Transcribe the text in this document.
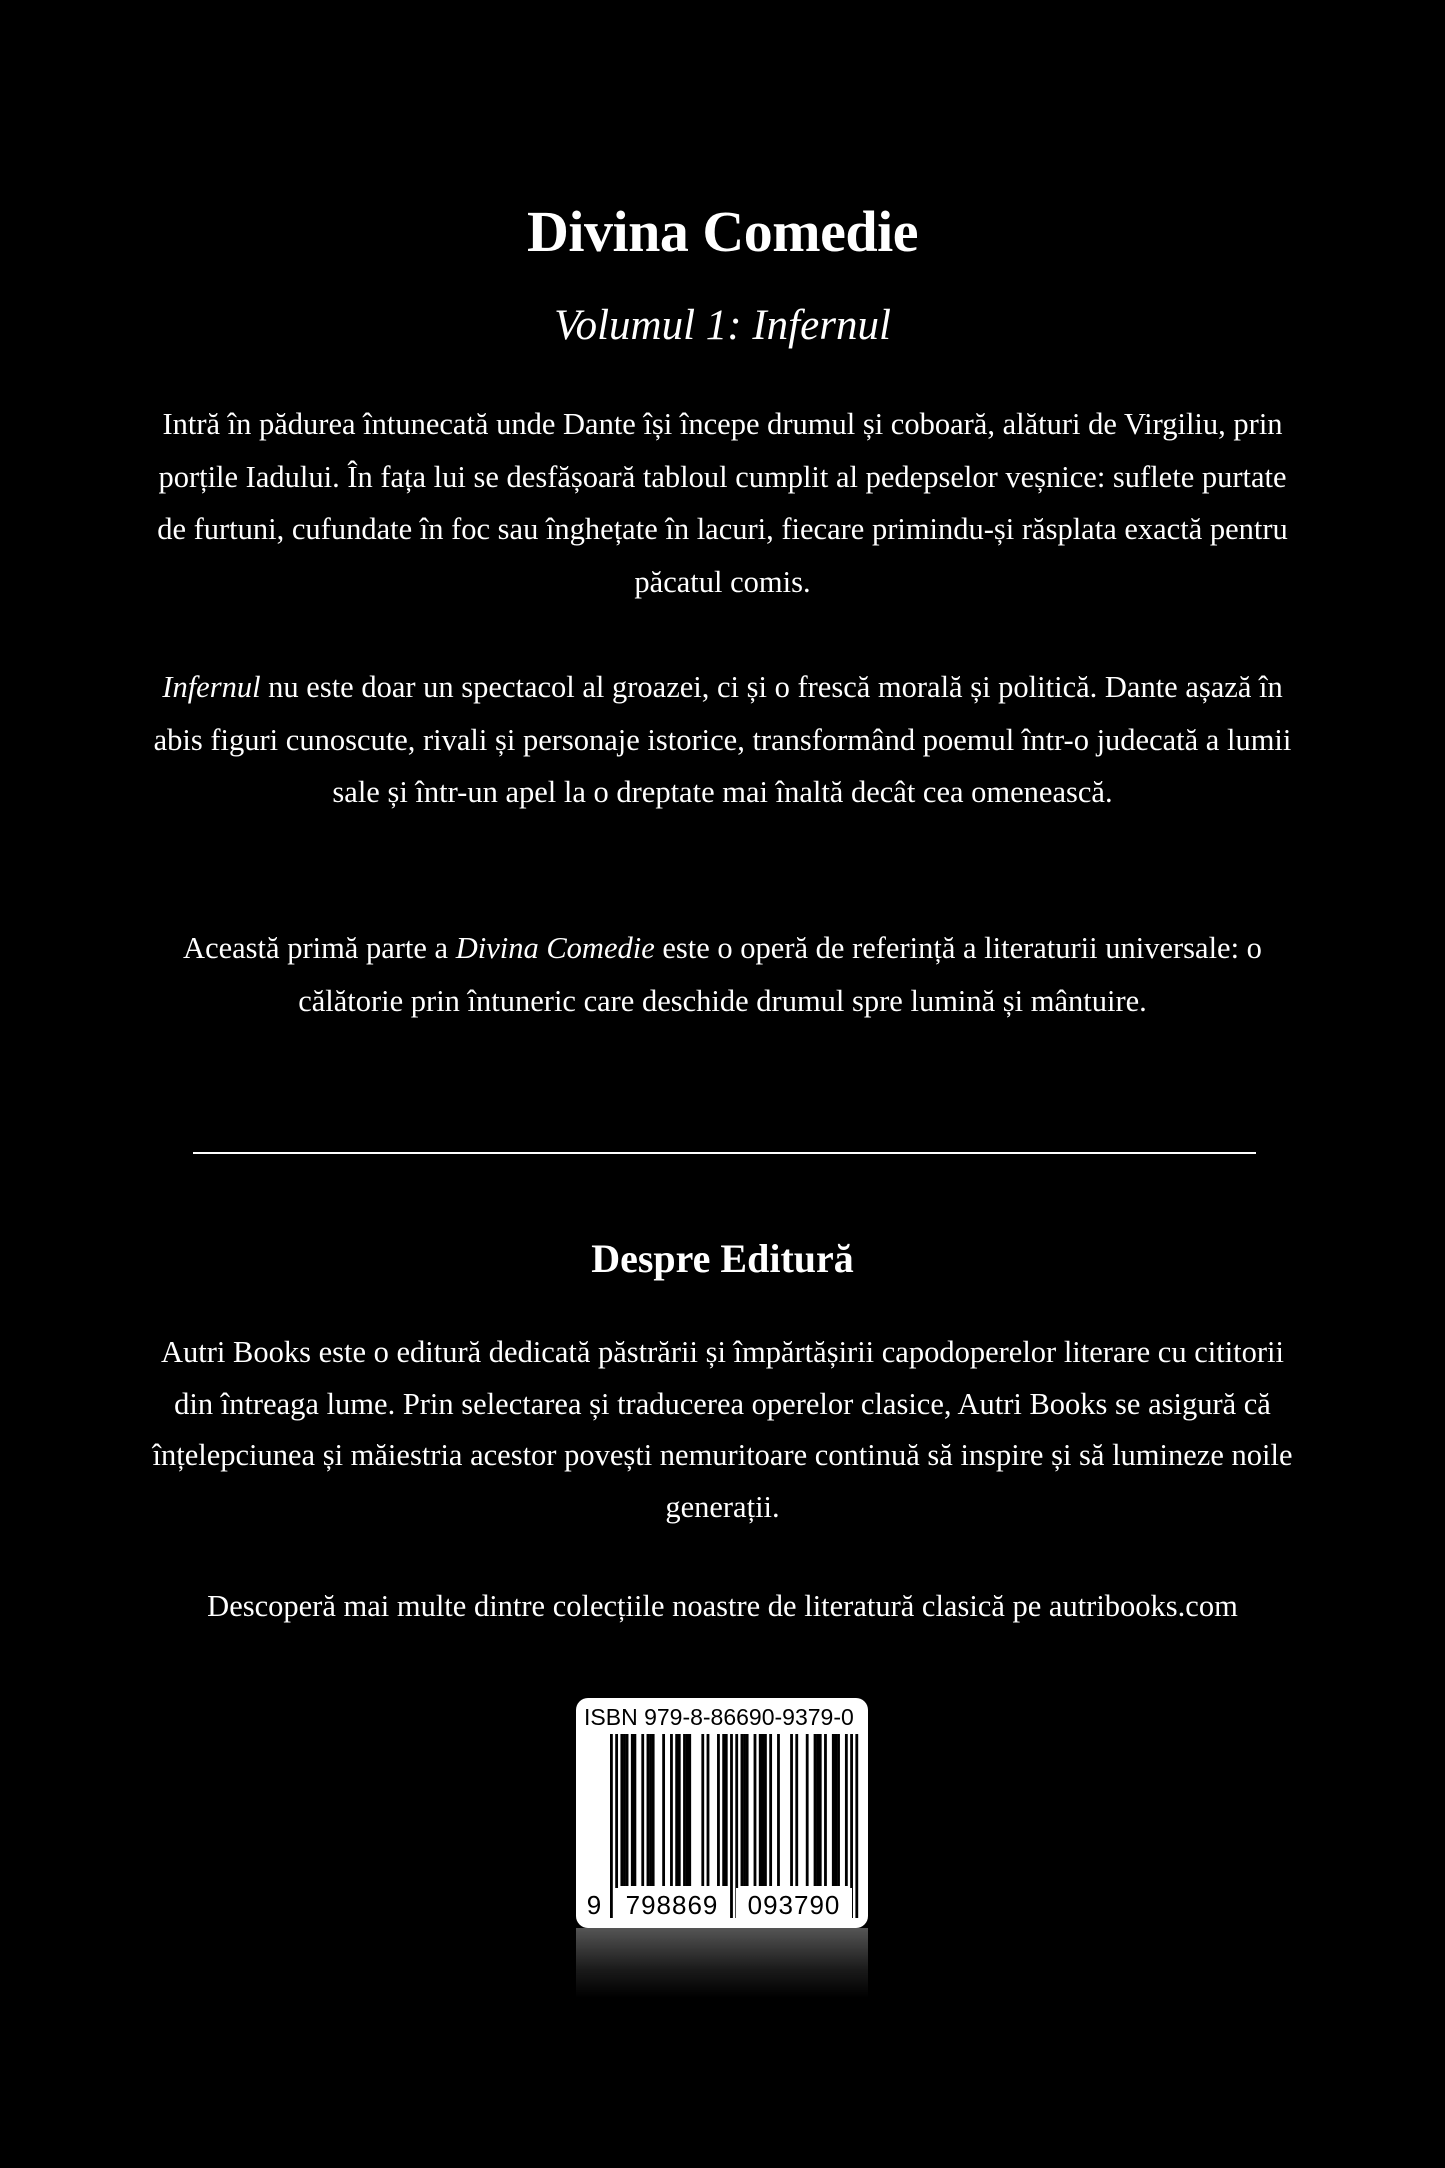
Divina Comedie
Volumul 1: Infernul

Intră în pădurea întunecată unde Dante își începe drumul și coboară, alături de Virgiliu, prin porțile Iadului. În fața lui se desfășoară tabloul cumplit al pedepselor veșnice: suflete purtate de furtuni, cufundate în foc sau înghețate în lacuri, fiecare primindu-și răsplata exactă pentru păcatul comis.

Infernul nu este doar un spectacol al groazei, ci și o frescă morală și politică. Dante așază în abis figuri cunoscute, rivali și personaje istorice, transformând poemul într-o judecată a lumii sale și într-un apel la o dreptate mai înaltă decât cea omenească.

Această primă parte a Divina Comedie este o operă de referință a literaturii universale: o călătorie prin întuneric care deschide drumul spre lumină și mântuire.

Despre Editură

Autri Books este o editură dedicată păstrării și împărtășirii capodoperelor literare cu cititorii din întreaga lume. Prin selectarea și traducerea operelor clasice, Autri Books se asigură că înțelepciunea și măiestria acestor povești nemuritoare continuă să inspire și să lumineze noile generații.

Descoperă mai multe dintre colecțiile noastre de literatură clasică pe autribooks.com

ISBN 979-8-86690-9379-0
9 798869	093790
